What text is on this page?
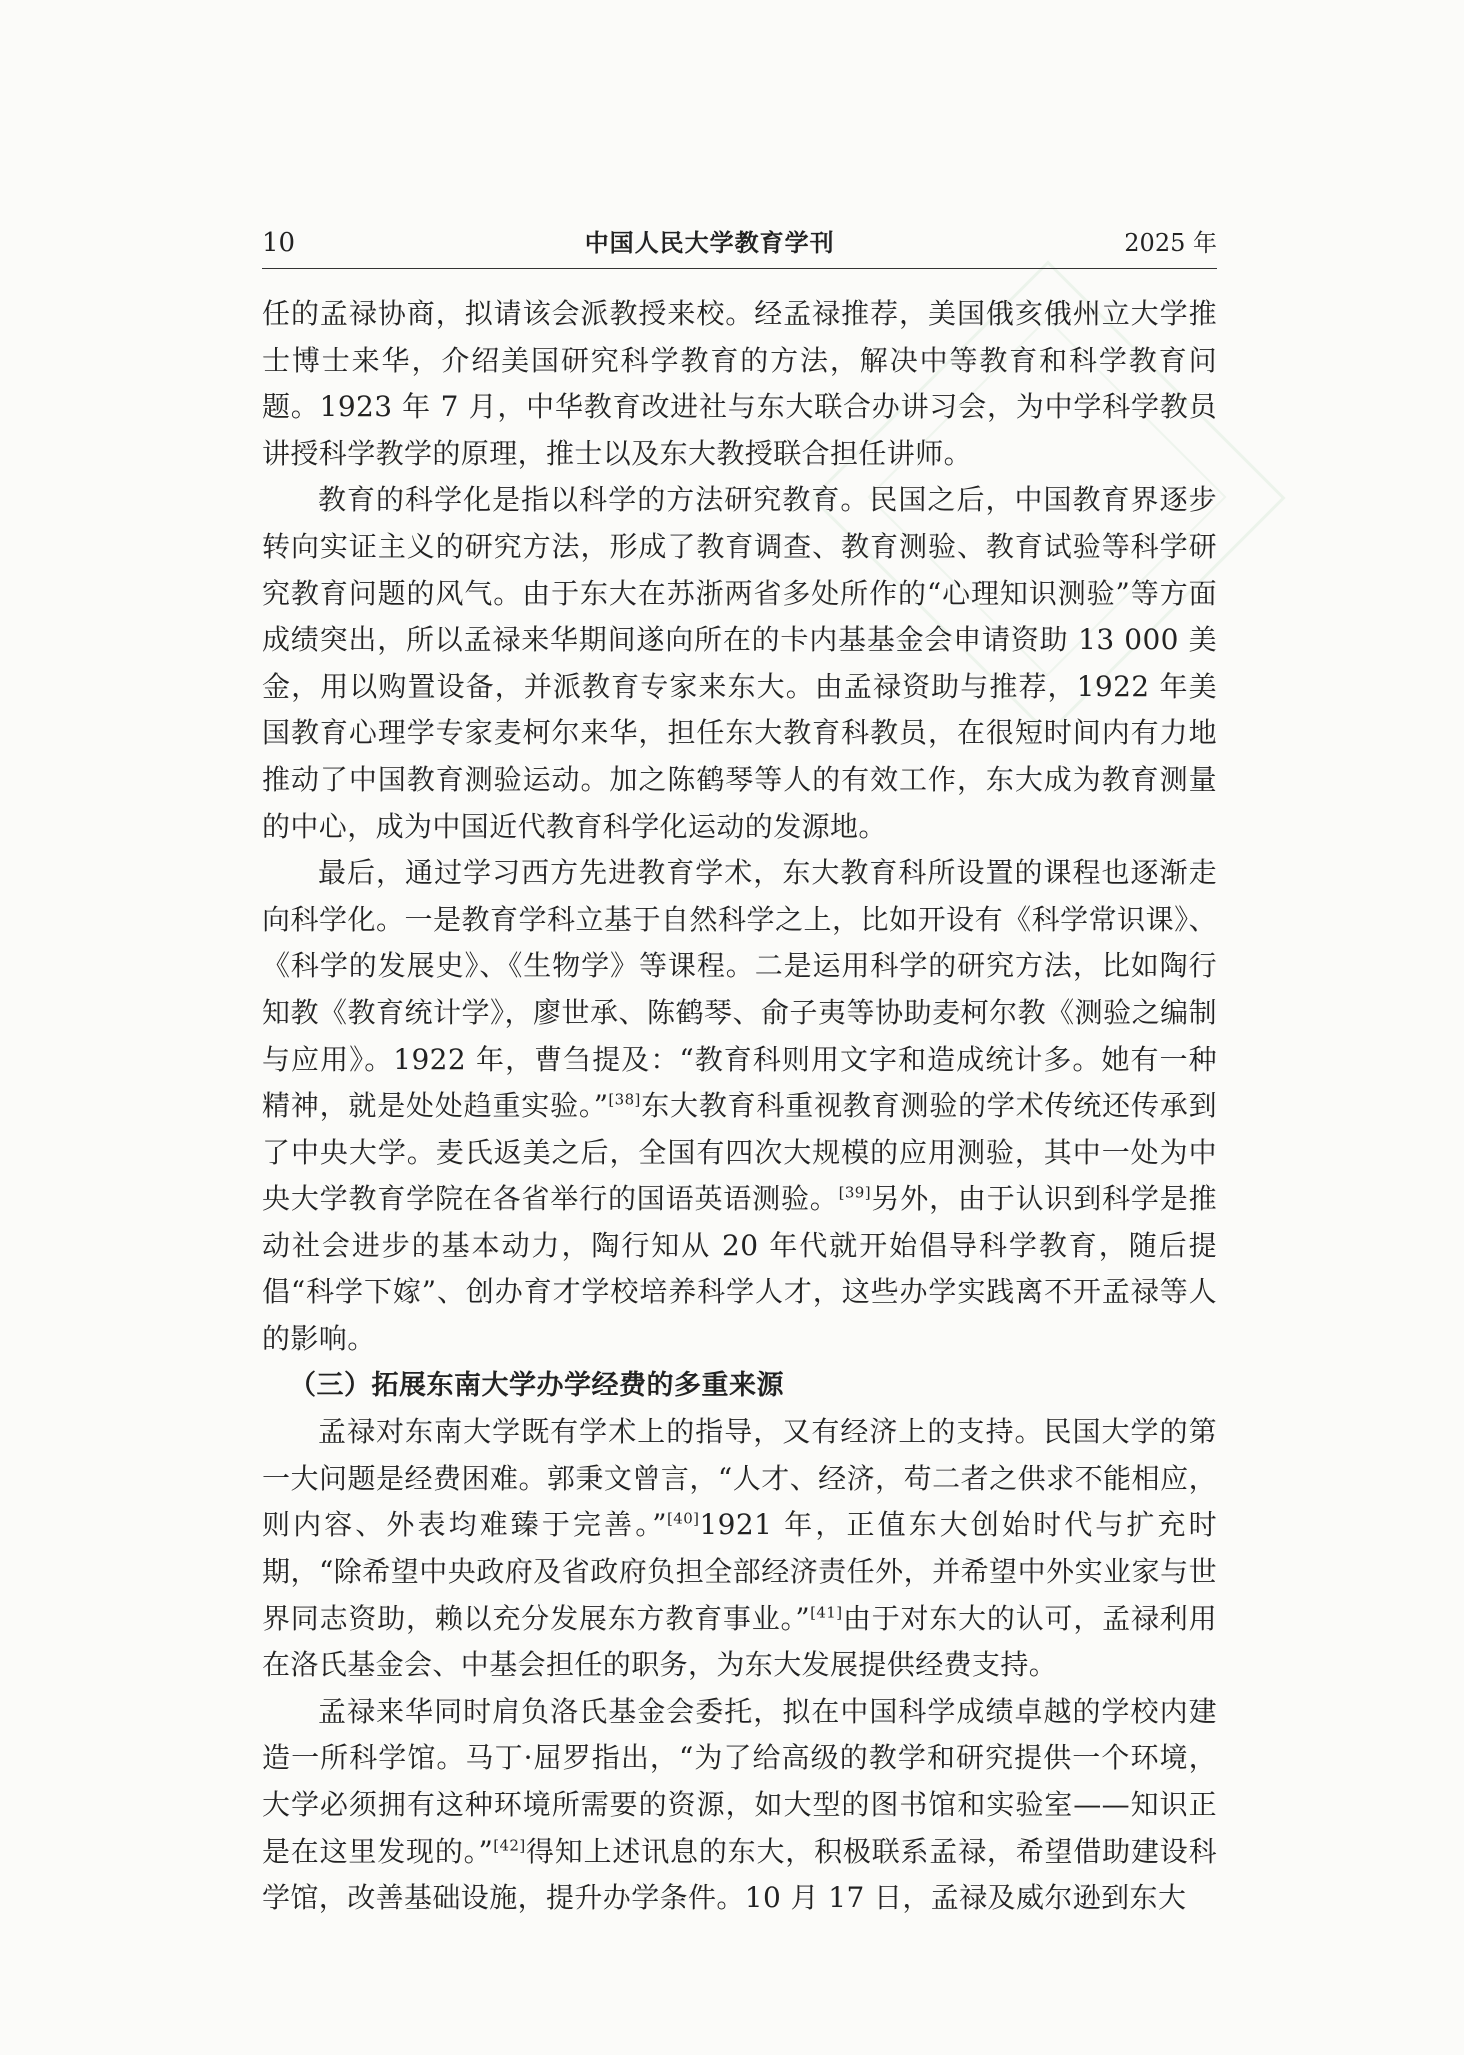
10	中国人民大学教育学刊	2025 年

任的孟禄协商，拟请该会派教授来校。经孟禄推荐，美国俄亥俄州立大学推士博士来华，介绍美国研究科学教育的方法，解决中等教育和科学教育问题。1923 年 7 月，中华教育改进社与东大联合办讲习会，为中学科学教员讲授科学教学的原理，推士以及东大教授联合担任讲师。

教育的科学化是指以科学的方法研究教育。民国之后，中国教育界逐步转向实证主义的研究方法，形成了教育调查、教育测验、教育试验等科学研究教育问题的风气。由于东大在苏浙两省多处所作的“心理知识测验”等方面成绩突出，所以孟禄来华期间遂向所在的卡内基基金会申请资助 13 000 美金，用以购置设备，并派教育专家来东大。由孟禄资助与推荐，1922 年美国教育心理学专家麦柯尔来华，担任东大教育科教员，在很短时间内有力地推动了中国教育测验运动。加之陈鹤琴等人的有效工作，东大成为教育测量的中心，成为中国近代教育科学化运动的发源地。

最后，通过学习西方先进教育学术，东大教育科所设置的课程也逐渐走向科学化。一是教育学科立基于自然科学之上，比如开设有《科学常识课》、《科学的发展史》、《生物学》等课程。二是运用科学的研究方法，比如陶行知教《教育统计学》，廖世承、陈鹤琴、俞子夷等协助麦柯尔教《测验之编制与应用》。1922 年，曹刍提及：“教育科则用文字和造成统计多。她有一种精神，就是处处趋重实验。”[38]东大教育科重视教育测验的学术传统还传承到了中央大学。麦氏返美之后，全国有四次大规模的应用测验，其中一处为中央大学教育学院在各省举行的国语英语测验。[39]另外，由于认识到科学是推动社会进步的基本动力，陶行知从 20 年代就开始倡导科学教育，随后提倡“科学下嫁”、创办育才学校培养科学人才，这些办学实践离不开孟禄等人的影响。

（三）拓展东南大学办学经费的多重来源

孟禄对东南大学既有学术上的指导，又有经济上的支持。民国大学的第一大问题是经费困难。郭秉文曾言，“人才、经济，苟二者之供求不能相应，则内容、外表均难臻于完善。”[40]1921 年，正值东大创始时代与扩充时期，“除希望中央政府及省政府负担全部经济责任外，并希望中外实业家与世界同志资助，赖以充分发展东方教育事业。”[41]由于对东大的认可，孟禄利用在洛氏基金会、中基会担任的职务，为东大发展提供经费支持。

孟禄来华同时肩负洛氏基金会委托，拟在中国科学成绩卓越的学校内建造一所科学馆。马丁·屈罗指出，“为了给高级的教学和研究提供一个环境，大学必须拥有这种环境所需要的资源，如大型的图书馆和实验室——知识正是在这里发现的。”[42]得知上述讯息的东大，积极联系孟禄，希望借助建设科学馆，改善基础设施，提升办学条件。10 月 17 日，孟禄及威尔逊到东大
